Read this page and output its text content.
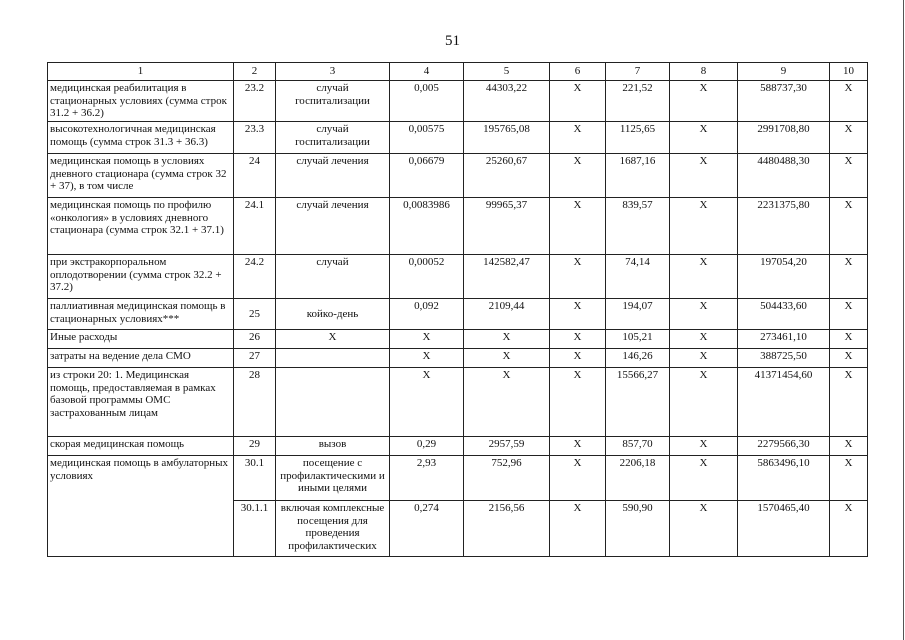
51
1	2	3	4	5	6	7	8	9	10
медицинская реабилитация в стационарных условиях (сумма строк 31.2 + 36.2)	23.2	случай госпитализации	0,005	44303,22	X	221,52	X	588737,30	X
высокотехнологичная медицинская помощь (сумма строк 31.3 + 36.3)	23.3	случай госпитализации	0,00575	195765,08	X	1125,65	X	2991708,80	X
медицинская помощь в условиях дневного стационара (сумма строк 32 + 37), в том числе	24	случай лечения	0,06679	25260,67	X	1687,16	X	4480488,30	X
медицинская помощь по профилю «онкология» в условиях дневного стационара (сумма строк 32.1 + 37.1)	24.1	случай лечения	0,0083986	99965,37	X	839,57	X	2231375,80	X
при экстракорпоральном оплодотворении (сумма строк 32.2 + 37.2)	24.2	случай	0,00052	142582,47	X	74,14	X	197054,20	X
паллиативная медицинская помощь в стационарных условиях***	25	койко-день	0,092	2109,44	X	194,07	X	504433,60	X
Иные расходы	26	X	X	X	X	105,21	X	273461,10	X
затраты на ведение дела СМО	27		X	X	X	146,26	X	388725,50	X
из строки 20: 1. Медицинская помощь, предоставляемая в рамках базовой программы ОМС застрахованным лицам	28		X	X	X	15566,27	X	41371454,60	X
скорая медицинская помощь	29	вызов	0,29	2957,59	X	857,70	X	2279566,30	X
медицинская помощь в амбулаторных условиях	30.1	посещение с профилактическими и иными целями	2,93	752,96	X	2206,18	X	5863496,10	X
	30.1.1	включая комплексные посещения для проведения профилактических	0,274	2156,56	X	590,90	X	1570465,40	X
